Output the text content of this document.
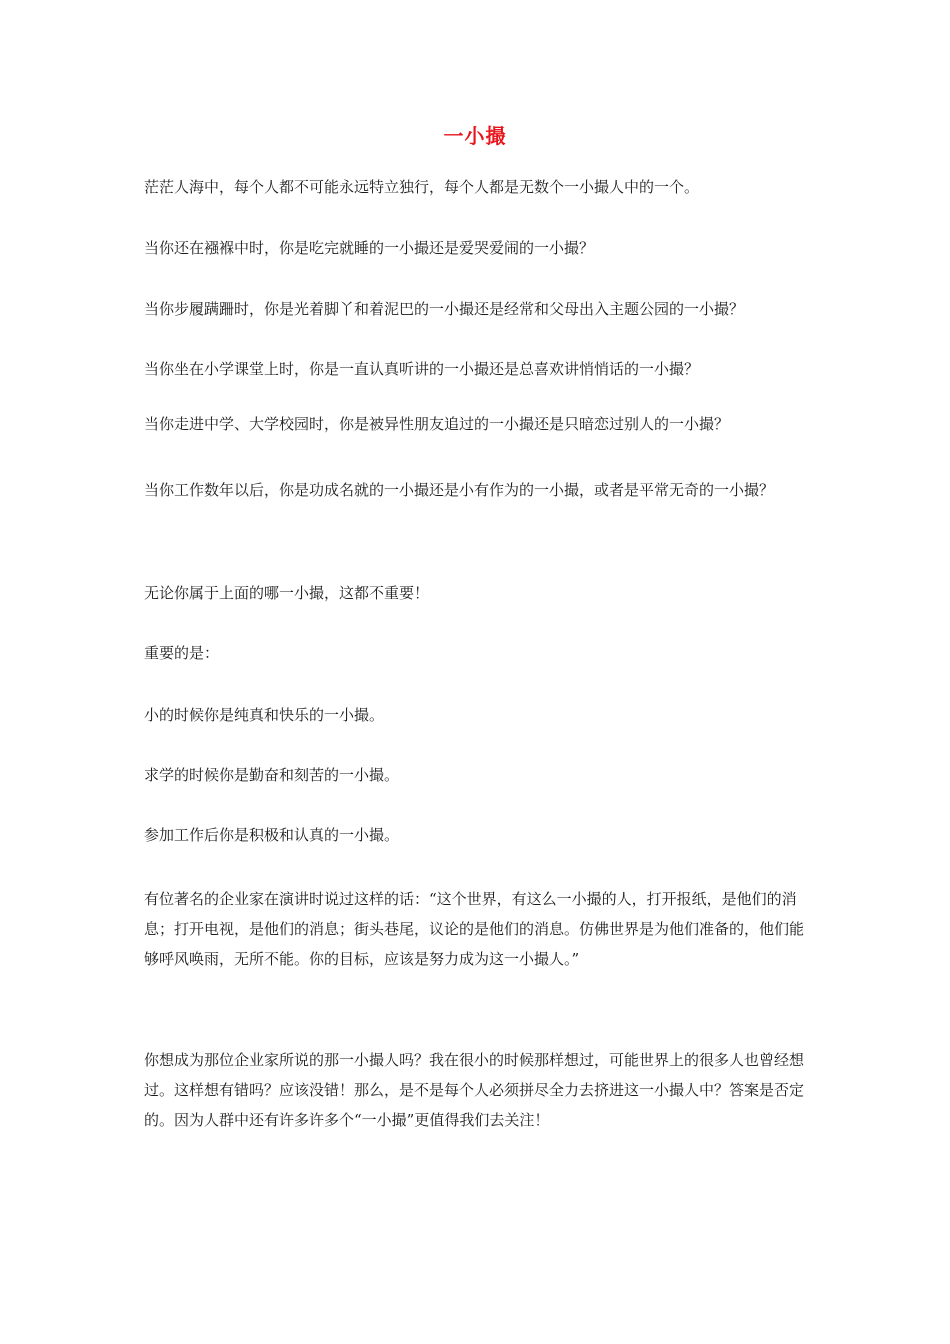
一小撮

茫茫人海中，每个人都不可能永远特立独行，每个人都是无数个一小撮人中的一个。

当你还在襁褓中时，你是吃完就睡的一小撮还是爱哭爱闹的一小撮？

当你步履蹒跚时，你是光着脚丫和着泥巴的一小撮还是经常和父母出入主题公园的一小撮？

当你坐在小学课堂上时，你是一直认真听讲的一小撮还是总喜欢讲悄悄话的一小撮？

当你走进中学、大学校园时，你是被异性朋友追过的一小撮还是只暗恋过别人的一小撮？

当你工作数年以后，你是功成名就的一小撮还是小有作为的一小撮，或者是平常无奇的一小撮？

无论你属于上面的哪一小撮，这都不重要！

重要的是：

小的时候你是纯真和快乐的一小撮。

求学的时候你是勤奋和刻苦的一小撮。

参加工作后你是积极和认真的一小撮。

有位著名的企业家在演讲时说过这样的话：“这个世界，有这么一小撮的人，打开报纸，是他们的消息；打开电视，是他们的消息；街头巷尾，议论的是他们的消息。仿佛世界是为他们准备的，他们能够呼风唤雨，无所不能。你的目标，应该是努力成为这一小撮人。”

你想成为那位企业家所说的那一小撮人吗？我在很小的时候那样想过，可能世界上的很多人也曾经想过。这样想有错吗？应该没错！那么，是不是每个人必须拼尽全力去挤进这一小撮人中？答案是否定的。因为人群中还有许多许多个“一小撮”更值得我们去关注！
